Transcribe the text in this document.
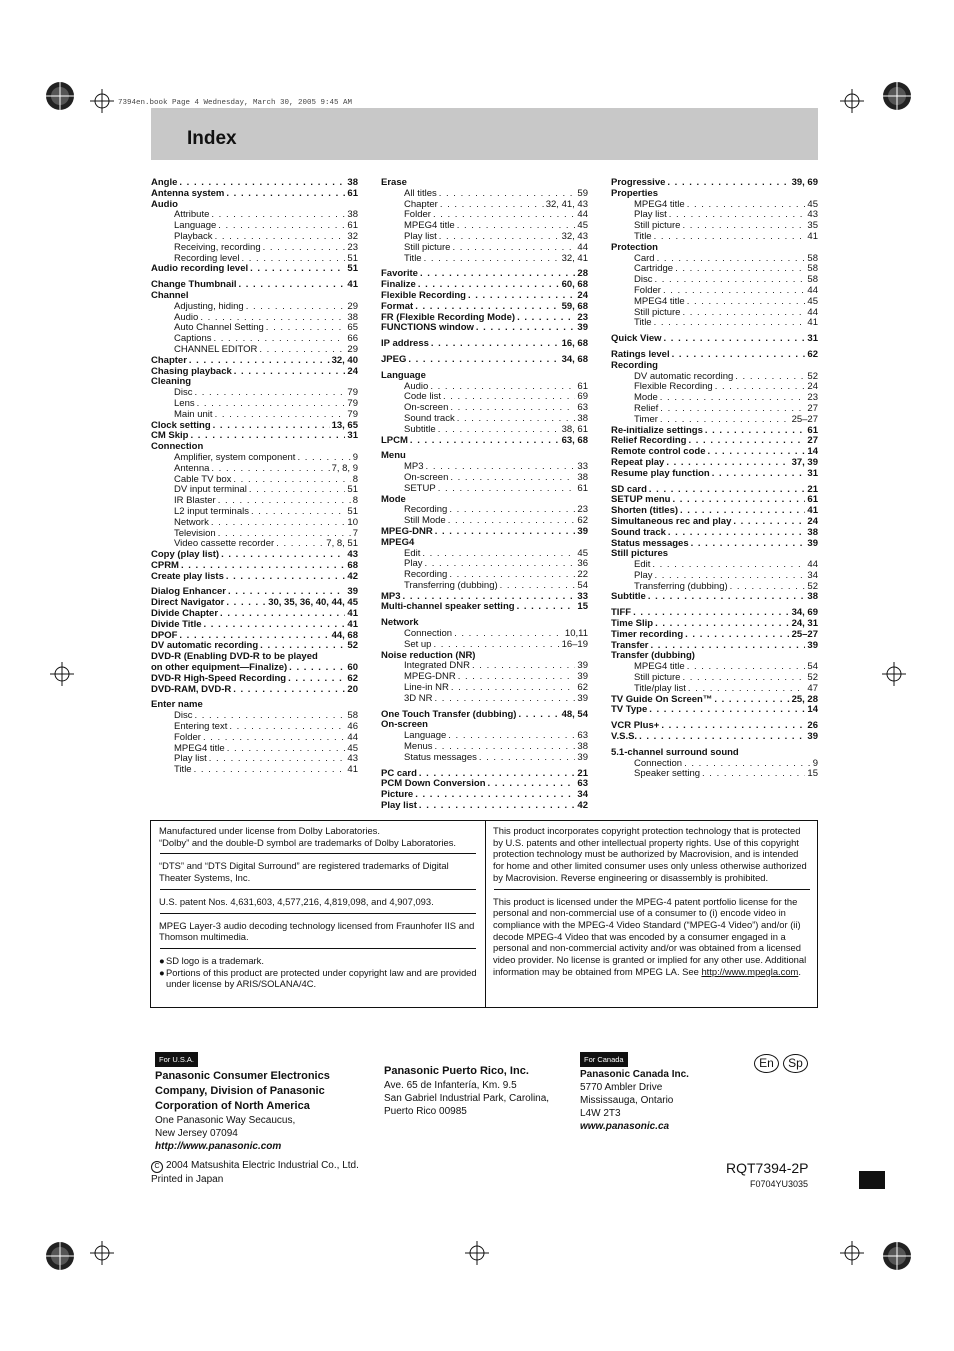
7394en.book Page 4 Wednesday, March 30, 2005 9:45 AM
Index
Angle . . .	38
Antenna system . . .	61
Audio
Attribute . . .	38
Language . . .	61
Playback . . .	32
Receiving, recording . . .	23
Recording level . . .	51
Audio recording level . . .	51
Change Thumbnail . . .	41
Channel
Adjusting, hiding . . .	29
Audio . . .	38
Auto Channel Setting . . .	65
Captions . . .	66
CHANNEL EDITOR . . .	29
Chapter . . .	32, 40
Chasing playback . . .	24
Cleaning
Disc . . .	79
Lens . . .	79
Main unit . . .	79
Clock setting . . .	13, 65
CM Skip . . .	31
Connection
Amplifier, system component . . .	9
Antenna . . .	7, 8, 9
Cable TV box . . .	8
DV input terminal . . .	51
IR Blaster . . .	8
L2 input terminals . . .	51
Network . . .	10
Television . . .	7
Video cassette recorder . . .	7, 8, 51
Copy (play list) . . .	43
CPRM . . .	68
Create play lists . . .	42
Dialog Enhancer . . .	39
Direct Navigator . . .	30, 35, 36, 40, 44, 45
Divide Chapter . . .	41
Divide Title . . .	41
DPOF . . .	44, 68
DV automatic recording . . .	52
DVD-R (Enabling DVD-R to be played
on other equipment—Finalize) . . .	60
DVD-R High-Speed Recording . . .	62
DVD-RAM, DVD-R . . .	20
Enter name
Disc . . .	58
Entering text . . .	46
Folder . . .	44
MPEG4 title . . .	45
Play list . . .	43
Title . . .	41
Erase
All titles . . .	59
Chapter . . .	32, 41, 43
Folder . . .	44
MPEG4 title . . .	45
Play list . . .	32, 43
Still picture . . .	44
Title . . .	32, 41
Favorite . . .	28
Finalize . . .	60, 68
Flexible Recording . . .	24
Format . . .	59, 68
FR (Flexible Recording Mode) . . .	23
FUNCTIONS window . . .	39
IP address . . .	16, 68
JPEG . . .	34, 68
Language
Audio . . .	61
Code list . . .	69
On-screen . . .	63
Sound track . . .	38
Subtitle . . .	38, 61
LPCM . . .	63, 68
Menu
MP3 . . .	33
On-screen . . .	38
SETUP . . .	61
Mode
Recording . . .	23
Still Mode . . .	62
MPEG-DNR . . .	39
MPEG4
Edit . . .	45
Play . . .	36
Recording . . .	22
Transferring (dubbing) . . .	54
MP3 . . .	33
Multi-channel speaker setting . . .	15
Network
Connection . . .	10,11
Set up . . .	16–19
Noise reduction (NR)
Integrated DNR . . .	39
MPEG-DNR . . .	39
Line-in NR . . .	62
3D NR . . .	39
One Touch Transfer (dubbing) . . .	48, 54
On-screen
Language . . .	63
Menus . . .	38
Status messages . . .	39
PC card . . .	21
PCM Down Conversion . . .	63
Picture . . .	34
Play list . . .	42
Progressive . . .	39, 69
Properties
MPEG4 title . . .	45
Play list . . .	43
Still picture . . .	35
Title . . .	41
Protection
Card . . .	58
Cartridge . . .	58
Disc . . .	58
Folder . . .	44
MPEG4 title . . .	45
Still picture . . .	44
Title . . .	41
Quick View . . .	31
Ratings level . . .	62
Recording
DV automatic recording . . .	52
Flexible Recording . . .	24
Mode . . .	23
Relief . . .	27
Timer . . .	25–27
Re-initialize settings . . .	61
Relief Recording . . .	27
Remote control code . . .	14
Repeat play . . .	37, 39
Resume play function . . .	31
SD card . . .	21
SETUP menu . . .	61
Shorten (titles) . . .	41
Simultaneous rec and play . . .	24
Sound track . . .	38
Status messages . . .	39
Still pictures
Edit . . .	44
Play . . .	34
Transferring (dubbing) . . .	52
Subtitle . . .	38
TIFF . . .	34, 69
Time Slip . . .	24, 31
Timer recording . . .	25–27
Transfer . . .	39
Transfer (dubbing)
MPEG4 title . . .	54
Still picture . . .	52
Title/play list . . .	47
TV Guide On Screen™ . . .	25, 28
TV Type . . .	14
VCR Plus+ . . .	26
V.S.S. . . .	39
5.1-channel surround sound
Connection . . .	9
Speaker setting . . .	15
Manufactured under license from Dolby Laboratories.
“Dolby” and the double-D symbol are trademarks of Dolby Laboratories.
“DTS” and “DTS Digital Surround” are registered trademarks of Digital Theater Systems, Inc.
U.S. patent Nos. 4,631,603, 4,577,216, 4,819,098, and 4,907,093.
MPEG Layer-3 audio decoding technology licensed from Fraunhofer IIS and Thomson multimedia.
● SD logo is a trademark.
● Portions of this product are protected under copyright law and are provided under license by ARIS/SOLANA/4C.
This product incorporates copyright protection technology that is protected by U.S. patents and other intellectual property rights. Use of this copyright protection technology must be authorized by Macrovision, and is intended for home and other limited consumer uses only unless otherwise authorized by Macrovision. Reverse engineering or disassembly is prohibited.
This product is licensed under the MPEG-4 patent portfolio license for the personal and non-commercial use of a consumer to (i) encode video in compliance with the MPEG-4 Video Standard (“MPEG-4 Video”) and/or (ii) decode MPEG-4 Video that was encoded by a consumer engaged in a personal and non-commercial activity and/or was obtained from a licensed video provider. No license is granted or implied for any other use. Additional information may be obtained from MPEG LA. See http://www.mpegla.com.
For U.S.A.
Panasonic Consumer Electronics
Company, Division of Panasonic
Corporation of North America
One Panasonic Way Secaucus,
New Jersey 07094
http://www.panasonic.com
Panasonic Puerto Rico, Inc.
Ave. 65 de Infantería, Km. 9.5
San Gabriel Industrial Park, Carolina,
Puerto Rico 00985
For Canada
Panasonic Canada Inc.
5770 Ambler Drive
Mississauga, Ontario
L4W 2T3
www.panasonic.ca
En	Sp
C 2004 Matsushita Electric Industrial Co., Ltd.
Printed in Japan
RQT7394-2P
F0704YU3035
